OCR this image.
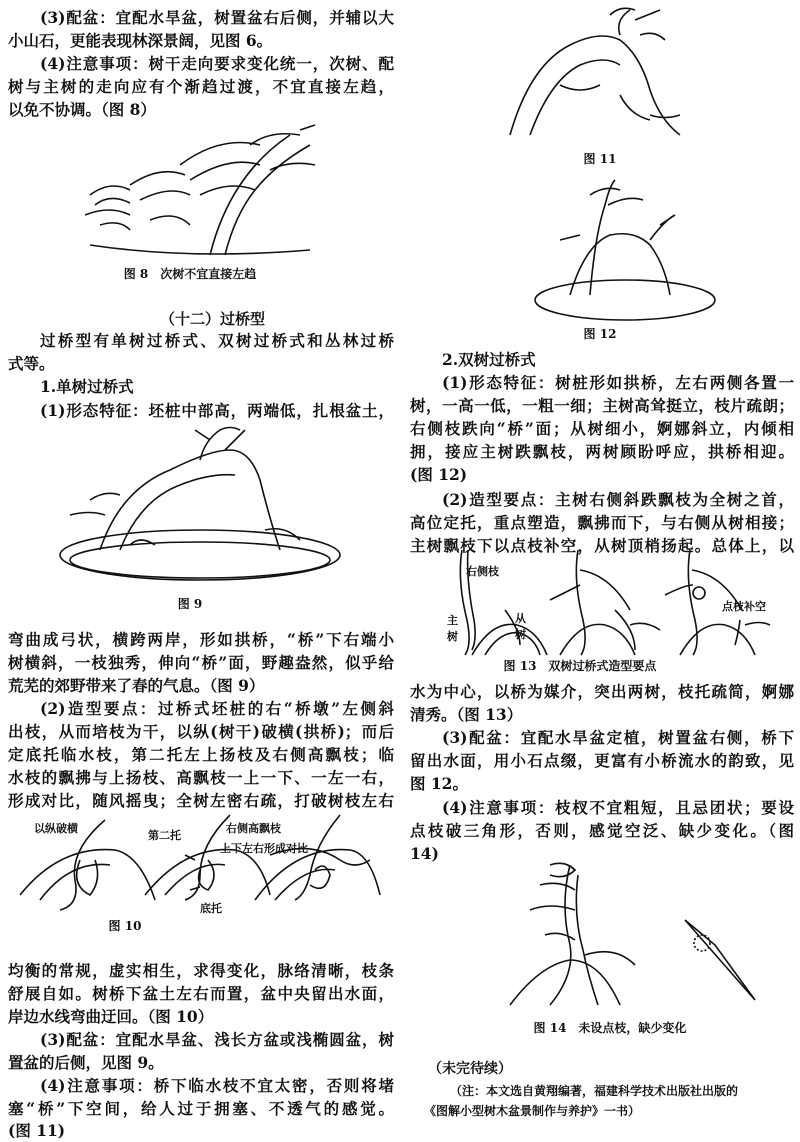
(3)配盆：宜配水旱盆，树置盆右后侧，并辅以大
小山石，更能表现林深景阔，见图 6。
(4)注意事项：树干走向要求变化统一，次树、配
树与主树的走向应有个渐趋过渡，不宜直接左趋，
以免不协调。（图 8）
图 8　次树不宜直接左趋
（十二）过桥型
过桥型有单树过桥式、双树过桥式和丛林过桥
式等。
1.单树过桥式
(1)形态特征：坯桩中部高，两端低，扎根盆土，
图 9
弯曲成弓状，横跨两岸，形如拱桥，“桥”下右端小
树横斜，一枝独秀，伸向“桥”面，野趣盎然，似乎给
荒芜的郊野带来了春的气息。（图 9）
(2)造型要点：过桥式坯桩的右“桥墩”左侧斜
出枝，从而培枝为干，以纵(树干)破横(拱桥)；而后
定底托临水枝，第二托左上扬枝及右侧高飘枝；临
水枝的飘拂与上扬枝、高飘枝一上一下、一左一右，
形成对比，随风摇曳；全树左密右疏，打破树枝左右
以纵破横
第二托
右侧高飘枝
上下左右形成对比
底托
图 10
均衡的常规，虚实相生，求得变化，脉络清晰，枝条
舒展自如。树桥下盆土左右而置，盆中央留出水面，
岸边水线弯曲迂回。（图 10）
(3)配盆：宜配水旱盆、浅长方盆或浅椭圆盆，树
置盆的后侧，见图 9。
(4)注意事项：桥下临水枝不宜太密，否则将堵
塞“桥”下空间，给人过于拥塞、不透气的感觉。
(图 11)
图 11
图 12
2.双树过桥式
(1)形态特征：树桩形如拱桥，左右两侧各置一
树，一高一低，一粗一细；主树高耸挺立，枝片疏朗；
右侧枝跌向“桥”面；从树细小，婀娜斜立，内倾相
拥，接应主树跌飘枝，两树顾盼呼应，拱桥相迎。
(图 12)
(2)造型要点：主树右侧斜跌飘枝为全树之首，
高位定托，重点塑造，飘拂而下，与右侧从树相接；
主树飘枝下以点枝补空，从树顶梢扬起。总体上，以
右侧枝
主树
从树
点枝补空
图 13　双树过桥式造型要点
水为中心，以桥为媒介，突出两树，枝托疏简，婀娜
清秀。（图 13）
(3)配盆：宜配水旱盆定植，树置盆右侧，桥下
留出水面，用小石点缀，更富有小桥流水的韵致，见
图 12。
(4)注意事项：枝杈不宜粗短，且忌团状；要设
点枝破三角形，否则，感觉空泛、缺少变化。（图
14)
图 14　未设点枝，缺少变化
（未完待续）
（注：本文选自黄翔编著，福建科学技术出版社出版的
《图解小型树木盆景制作与养护》一书）
